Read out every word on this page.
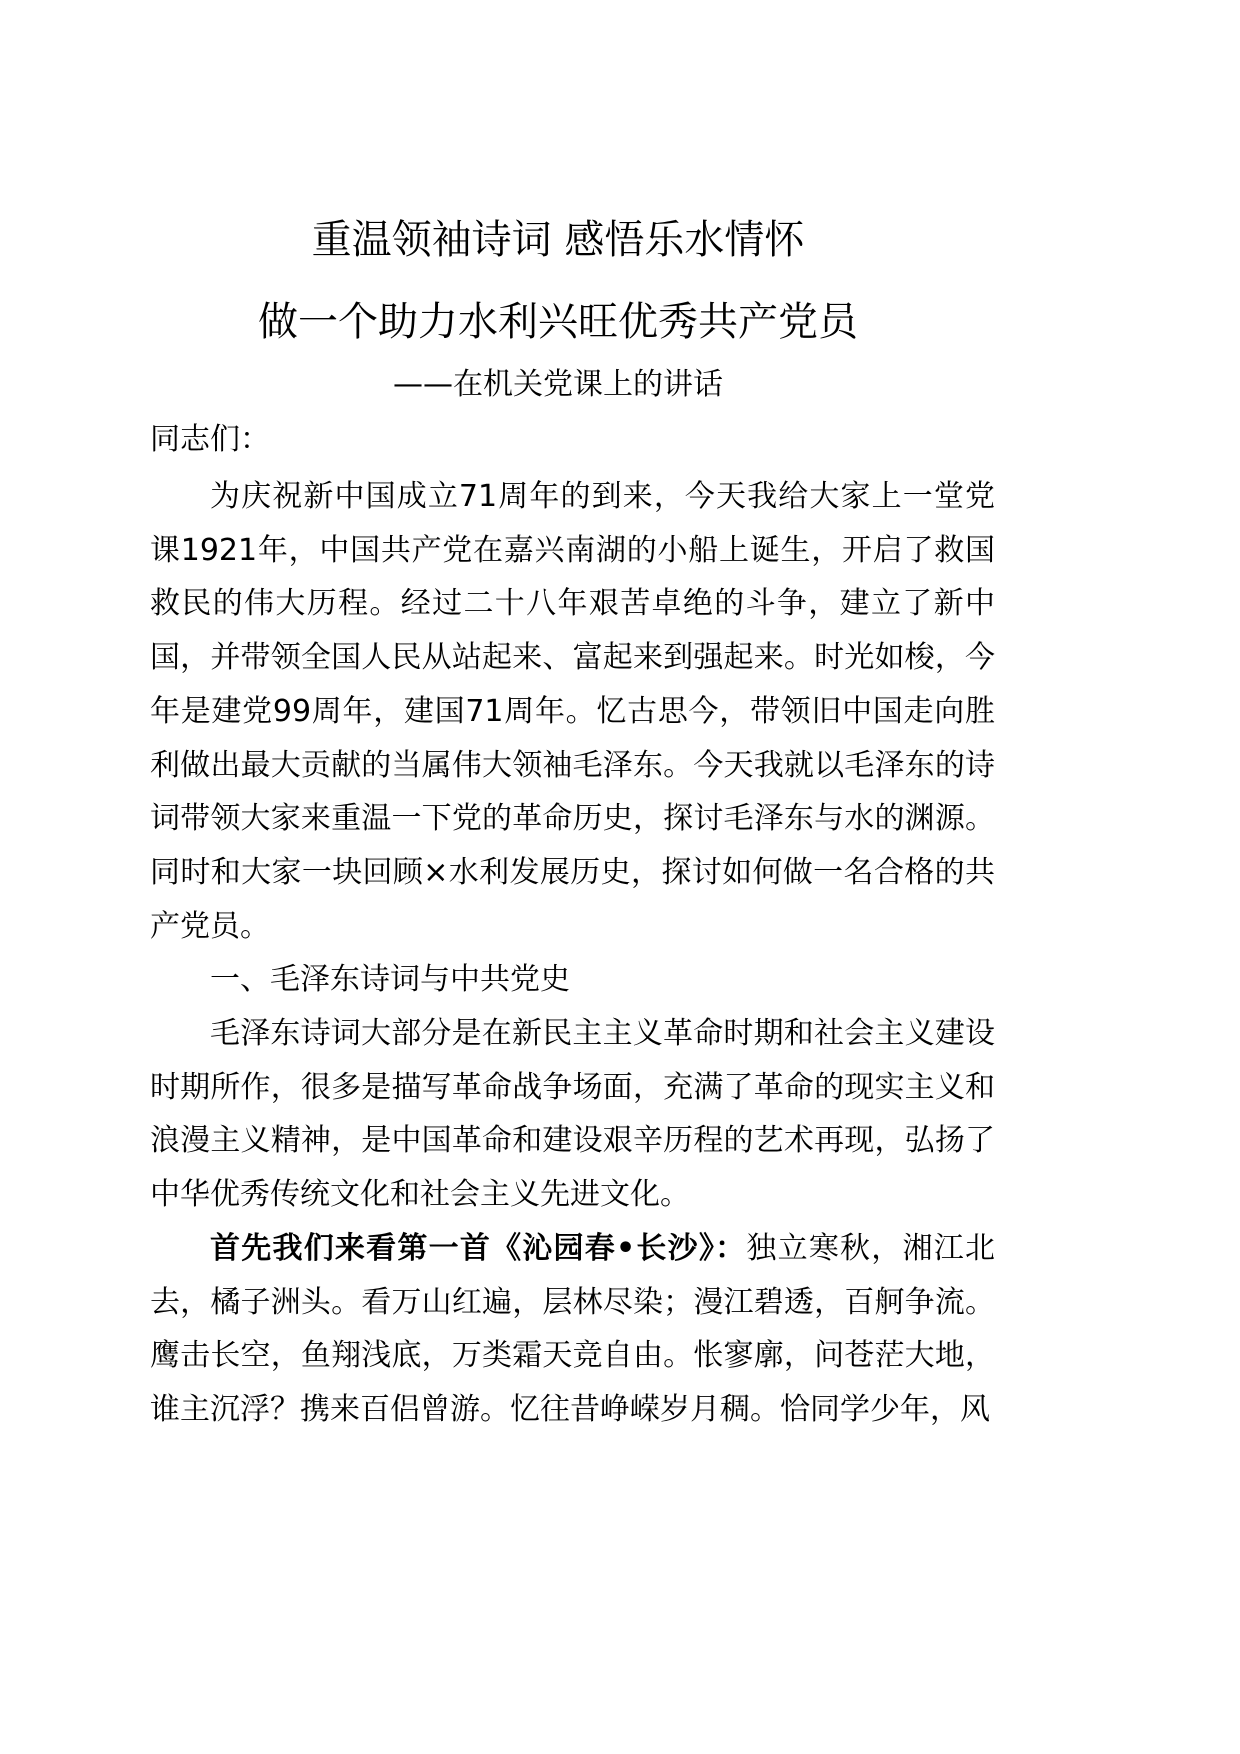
重温领袖诗词 感悟乐水情怀
做一个助力水利兴旺优秀共产党员
——在机关党课上的讲话
同志们：

为庆祝新中国成立71周年的到来，今天我给大家上一堂党课1921年，中国共产党在嘉兴南湖的小船上诞生，开启了救国救民的伟大历程。经过二十八年艰苦卓绝的斗争，建立了新中国，并带领全国人民从站起来、富起来到强起来。时光如梭，今年是建党99周年，建国71周年。忆古思今，带领旧中国走向胜利做出最大贡献的当属伟大领袖毛泽东。今天我就以毛泽东的诗词带领大家来重温一下党的革命历史，探讨毛泽东与水的渊源。同时和大家一块回顾×水利发展历史，探讨如何做一名合格的共产党员。

一、毛泽东诗词与中共党史

毛泽东诗词大部分是在新民主主义革命时期和社会主义建设时期所作，很多是描写革命战争场面，充满了革命的现实主义和浪漫主义精神，是中国革命和建设艰辛历程的艺术再现，弘扬了中华优秀传统文化和社会主义先进文化。

首先我们来看第一首《沁园春•长沙》：独立寒秋，湘江北去，橘子洲头。看万山红遍，层林尽染；漫江碧透，百舸争流。鹰击长空，鱼翔浅底，万类霜天竞自由。怅寥廓，问苍茫大地，谁主沉浮？携来百侣曾游。忆往昔峥嵘岁月稠。恰同学少年，风
